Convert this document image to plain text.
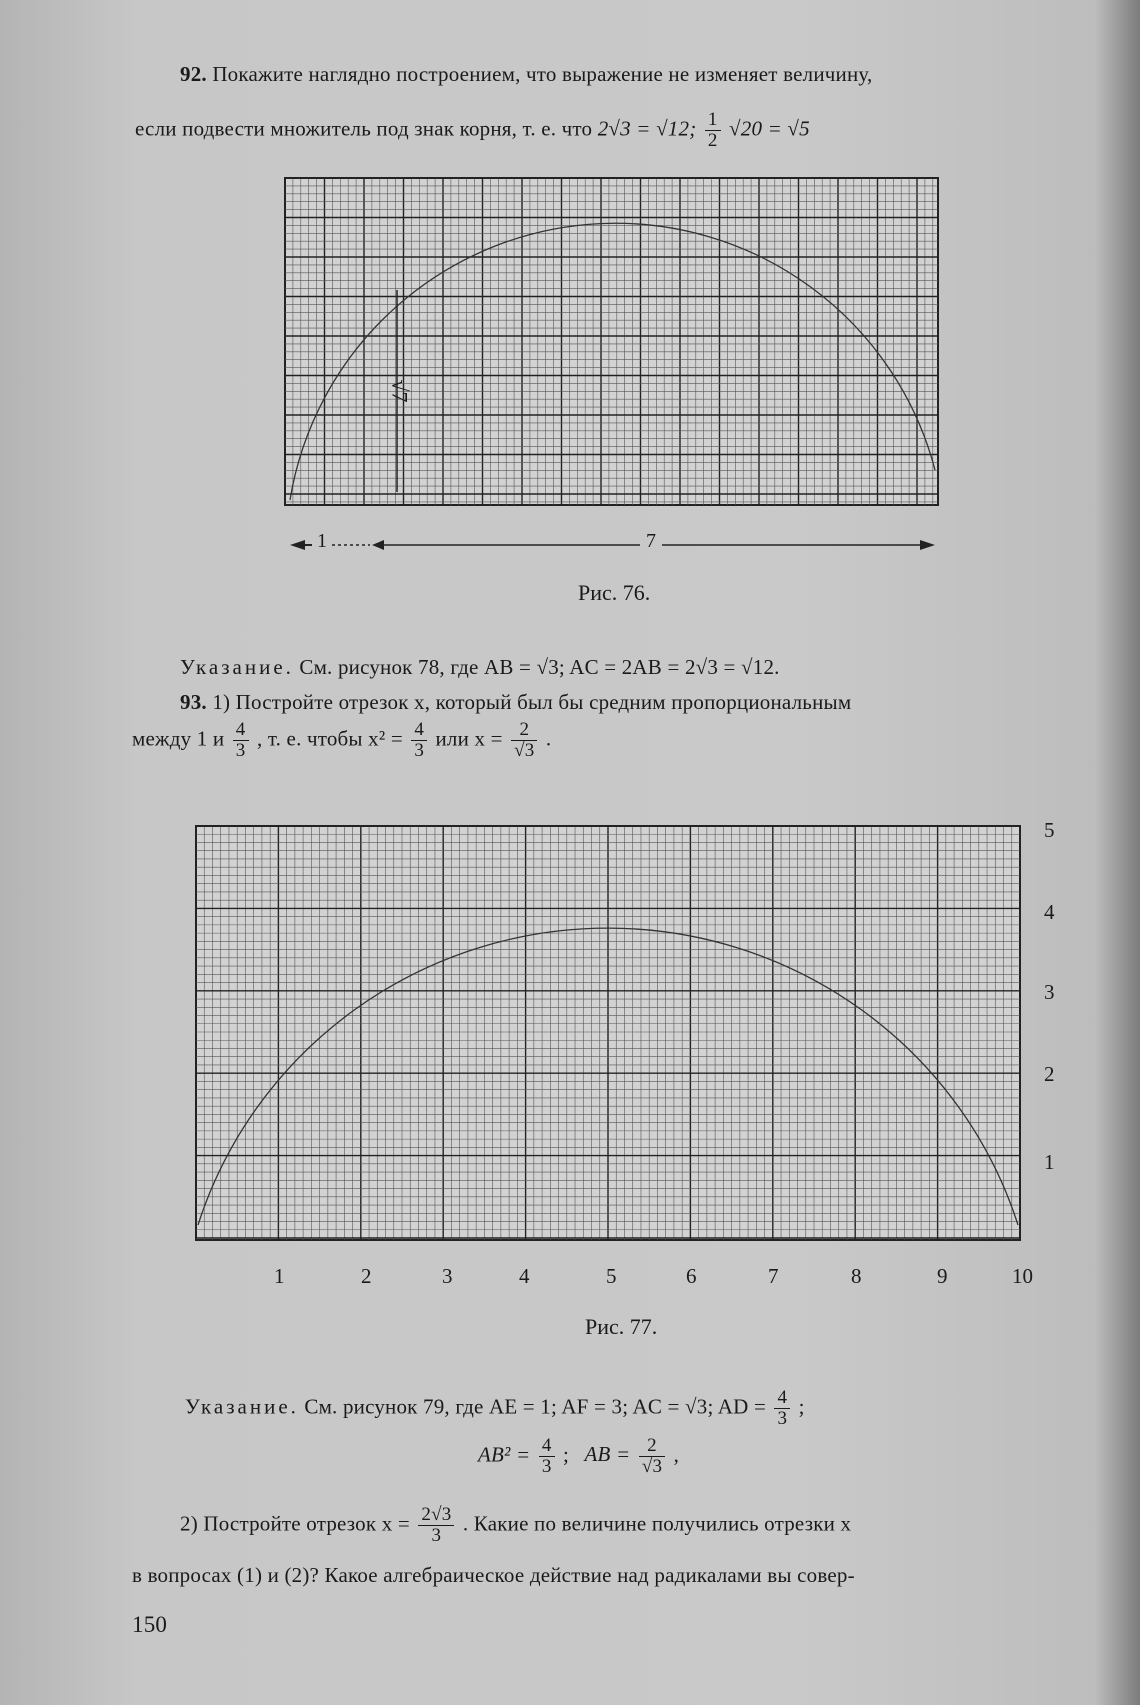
92. Покажите наглядно построением, что выражение не изменяет величину,
если подвести множитель под знак корня, т. е. что 2√3 = √12; $\frac{1}{2} √20 = √5$
√7
1	7
Рис. 76.
Указание. См. рисунок 78, где AB = √3; AC = 2AB = 2√3 = √12.
93. 1) Постройте отрезок x, который был бы средним пропорциональным
между 1 и $\frac{4}{3}$ , т. е. чтобы $x^2 = \frac{4}{3}$ или $x = \frac{2}{√3}$ .
1	2	3	4	5	6	7	8	9	10
5
4
3
2
1
Рис. 77.
Указание. См. рисунок 79, где AE = 1; AF = 3; AC = √3; AD = $\frac{4}{3}$ ;
$AB^2 = \frac{4}{3}$ ; AB = $\frac{2}{√3}$ ,
2) Постройте отрезок $x = \frac{2√3}{3}$ . Какие по величине получились отрезки x
в вопросах (1) и (2)? Какое алгебраическое действие над радикалами вы совер-
150
